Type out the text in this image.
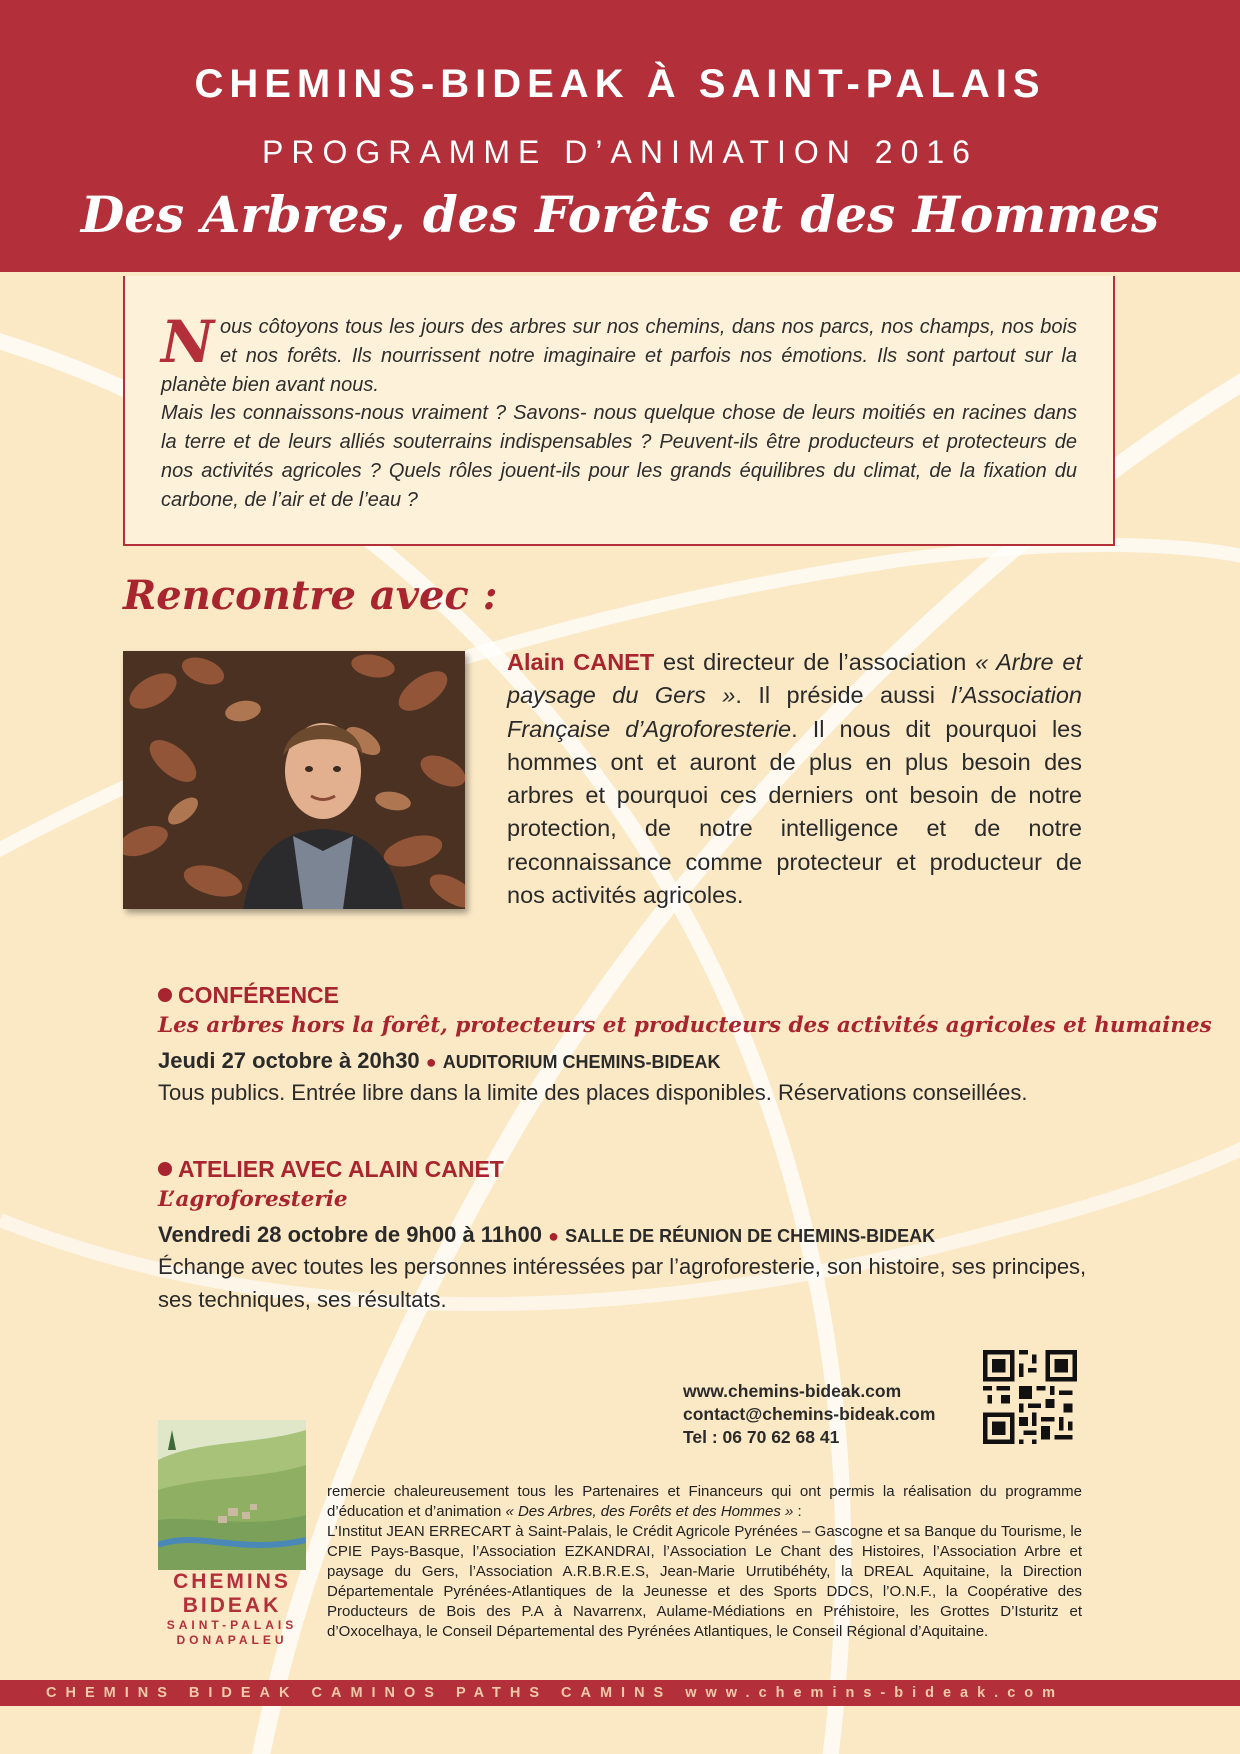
CHEMINS-BIDEAK À SAINT-PALAIS
PROGRAMME D’ANIMATION 2016
Des Arbres, des Forêts et des Hommes

Nous côtoyons tous les jours des arbres sur nos chemins, dans nos parcs, nos champs, nos bois et nos forêts. Ils nourrissent notre imaginaire et parfois nos émotions. Ils sont partout sur la planète bien avant nous.

Mais les connaissons-nous vraiment ? Savons- nous quelque chose de leurs moitiés en racines dans la terre et de leurs alliés souterrains indispensables ? Peuvent-ils être producteurs et protecteurs de nos activités agricoles ? Quels rôles jouent-ils pour les grands équilibres du climat, de la fixation du carbone, de l’air et de l’eau ?

Rencontre avec :
Alain CANET est directeur de l’association « Arbre et paysage du Gers ». Il préside aussi l’Association Française d’Agroforesterie. Il nous dit pourquoi les hommes ont et auront de plus en plus besoin des arbres et pourquoi ces derniers ont besoin de notre protection, de notre intelligence et de notre reconnaissance comme protecteur et producteur de nos activités agricoles.
CONFÉRENCE
Les arbres hors la forêt, protecteurs et producteurs des activités agricoles et humaines
Jeudi 27 octobre à 20h30 ● AUDITORIUM CHEMINS-BIDEAK
Tous publics. Entrée libre dans la limite des places disponibles. Réservations conseillées.
ATELIER AVEC ALAIN CANET
L’agroforesterie
Vendredi 28 octobre de 9h00 à 11h00 ● SALLE DE RÉUNION DE CHEMINS-BIDEAK
Échange avec toutes les personnes intéressées par l’agroforesterie, son histoire, ses principes, ses techniques, ses résultats.
www.chemins-bideak.com
contact@chemins-bideak.com
Tel : 06 70 62 68 41
CHEMINS
BIDEAK
SAINT-PALAIS
DONAPALEU
remercie chaleureusement tous les Partenaires et Financeurs qui ont permis la réalisation du programme d’éducation et d’animation « Des Arbres, des Forêts et des Hommes » :
L’Institut JEAN ERRECART à Saint-Palais, le Crédit Agricole Pyrénées – Gascogne et sa Banque du Tourisme, le CPIE Pays-Basque, l’Association EZKANDRAI, l’Association Le Chant des Histoires, l’Association Arbre et paysage du Gers, l’Association A.R.B.R.E.S, Jean-Marie Urrutibéhéty, la DREAL Aquitaine, la Direction Départementale Pyrénées-Atlantiques de la Jeunesse et des Sports DDCS, l’O.N.F., la Coopérative des Producteurs de Bois des P.A à Navarrenx, Aulame-Médiations en Préhistoire, les Grottes D’Isturitz et d’Oxocelhaya, le Conseil Départemental des Pyrénées Atlantiques, le Conseil Régional d’Aquitaine.
CHEMINS BIDEAK CAMINOS PATHS CAMINS www.chemins-bideak.com
